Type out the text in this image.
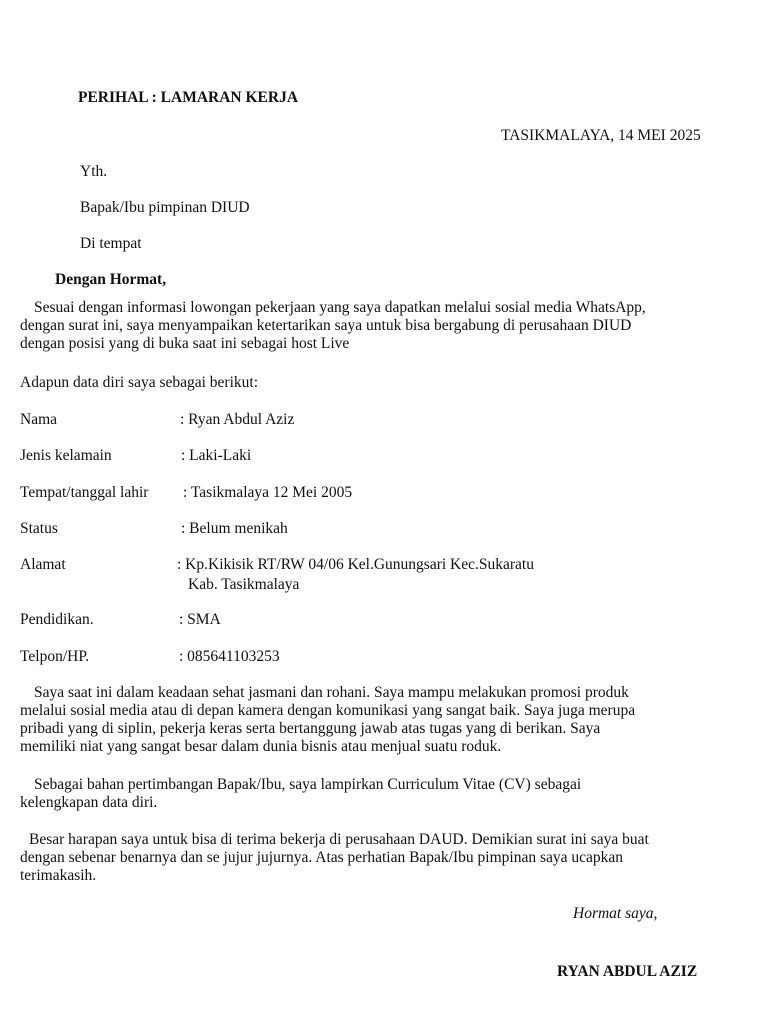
PERIHAL : LAMARAN KERJA
TASIKMALAYA, 14 MEI 2025
Yth.
Bapak/Ibu pimpinan DIUD
Di tempat
Dengan Hormat,
Sesuai dengan informasi lowongan pekerjaan yang saya dapatkan melalui sosial media WhatsApp,
dengan surat ini, saya menyampaikan ketertarikan saya untuk bisa bergabung di perusahaan DIUD
dengan posisi yang di buka saat ini sebagai host Live
Adapun data diri saya sebagai berikut:
Nama	: Ryan Abdul Aziz
Jenis kelamain	: Laki-Laki
Tempat/tanggal lahir : Tasikmalaya 12 Mei 2005
Status	: Belum menikah
Alamat	: Kp.Kikisik RT/RW 04/06 Kel.Gunungsari Kec.Sukaratu
Kab. Tasikmalaya
Pendidikan.	: SMA
Telpon/HP.	: 085641103253
Saya saat ini dalam keadaan sehat jasmani dan rohani. Saya mampu melakukan promosi produk
melalui sosial media atau di depan kamera dengan komunikasi yang sangat baik. Saya juga merupa
pribadi yang di siplin, pekerja keras serta bertanggung jawab atas tugas yang di berikan. Saya
memiliki niat yang sangat besar dalam dunia bisnis atau menjual suatu roduk.
Sebagai bahan pertimbangan Bapak/Ibu, saya lampirkan Curriculum Vitae (CV) sebagai
kelengkapan data diri.
Besar harapan saya untuk bisa di terima bekerja di perusahaan DAUD. Demikian surat ini saya buat
dengan sebenar benarnya dan se jujur jujurnya. Atas perhatian Bapak/Ibu pimpinan saya ucapkan
terimakasih.
Hormat saya,
RYAN ABDUL AZIZ
